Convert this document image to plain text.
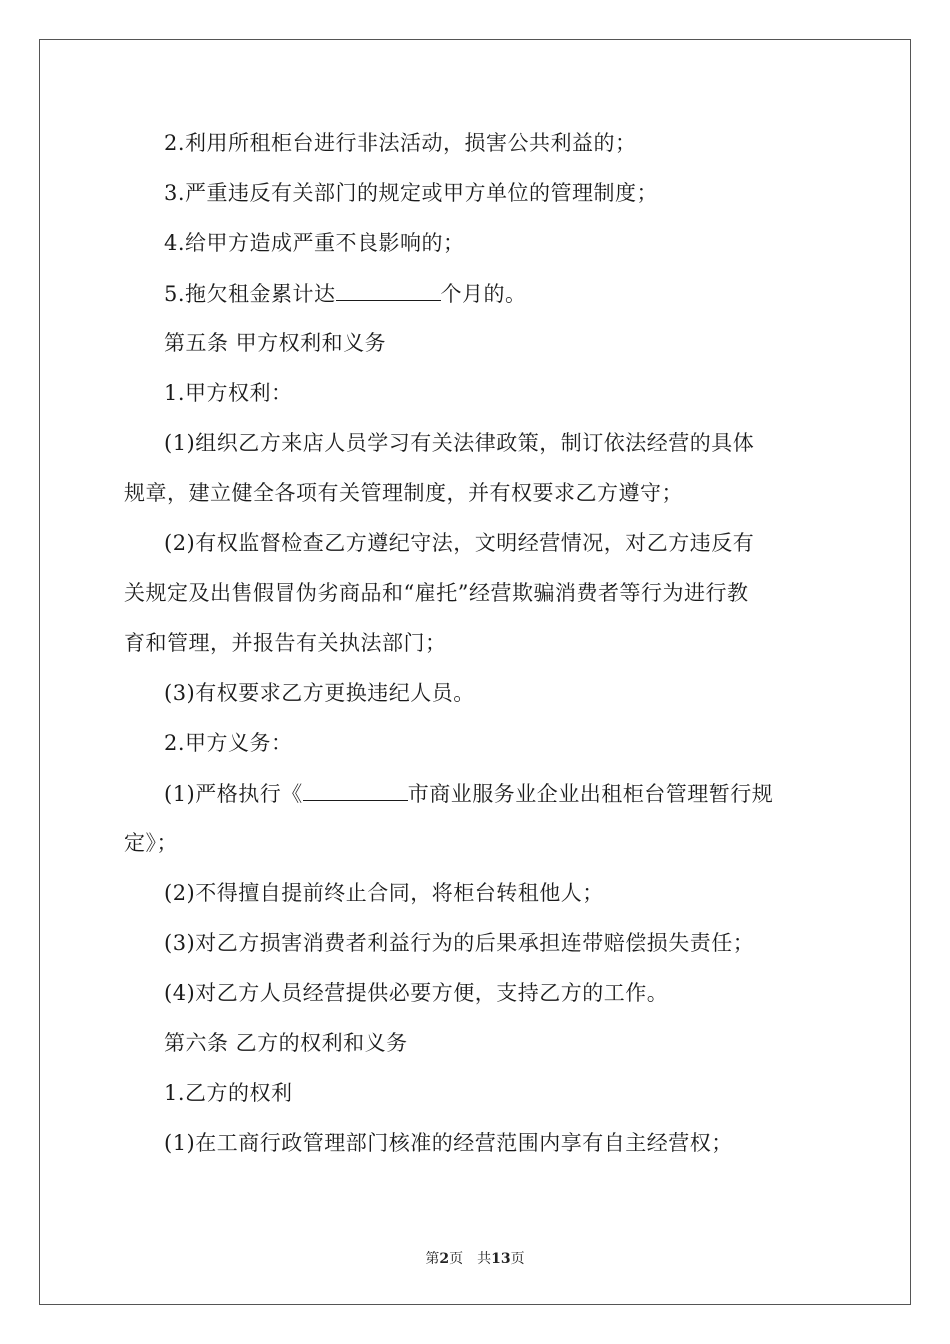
2.利用所租柜台进行非法活动，损害公共利益的；
3.严重违反有关部门的规定或甲方单位的管理制度；
4.给甲方造成严重不良影响的；
5.拖欠租金累计达	个月的。
第五条 甲方权利和义务
1.甲方权利：
(1)组织乙方来店人员学习有关法律政策，制订依法经营的具体
规章，建立健全各项有关管理制度，并有权要求乙方遵守；
(2)有权监督检查乙方遵纪守法，文明经营情况，对乙方违反有
关规定及出售假冒伪劣商品和“雇托”经营欺骗消费者等行为进行教
育和管理，并报告有关执法部门；
(3)有权要求乙方更换违纪人员。
2.甲方义务：
(1)严格执行《	市商业服务业企业出租柜台管理暂行规
定》；
(2)不得擅自提前终止合同，将柜台转租他人；
(3)对乙方损害消费者利益行为的后果承担连带赔偿损失责任；
(4)对乙方人员经营提供必要方便，支持乙方的工作。
第六条 乙方的权利和义务
1.乙方的权利
(1)在工商行政管理部门核准的经营范围内享有自主经营权；
第2页 共13页
